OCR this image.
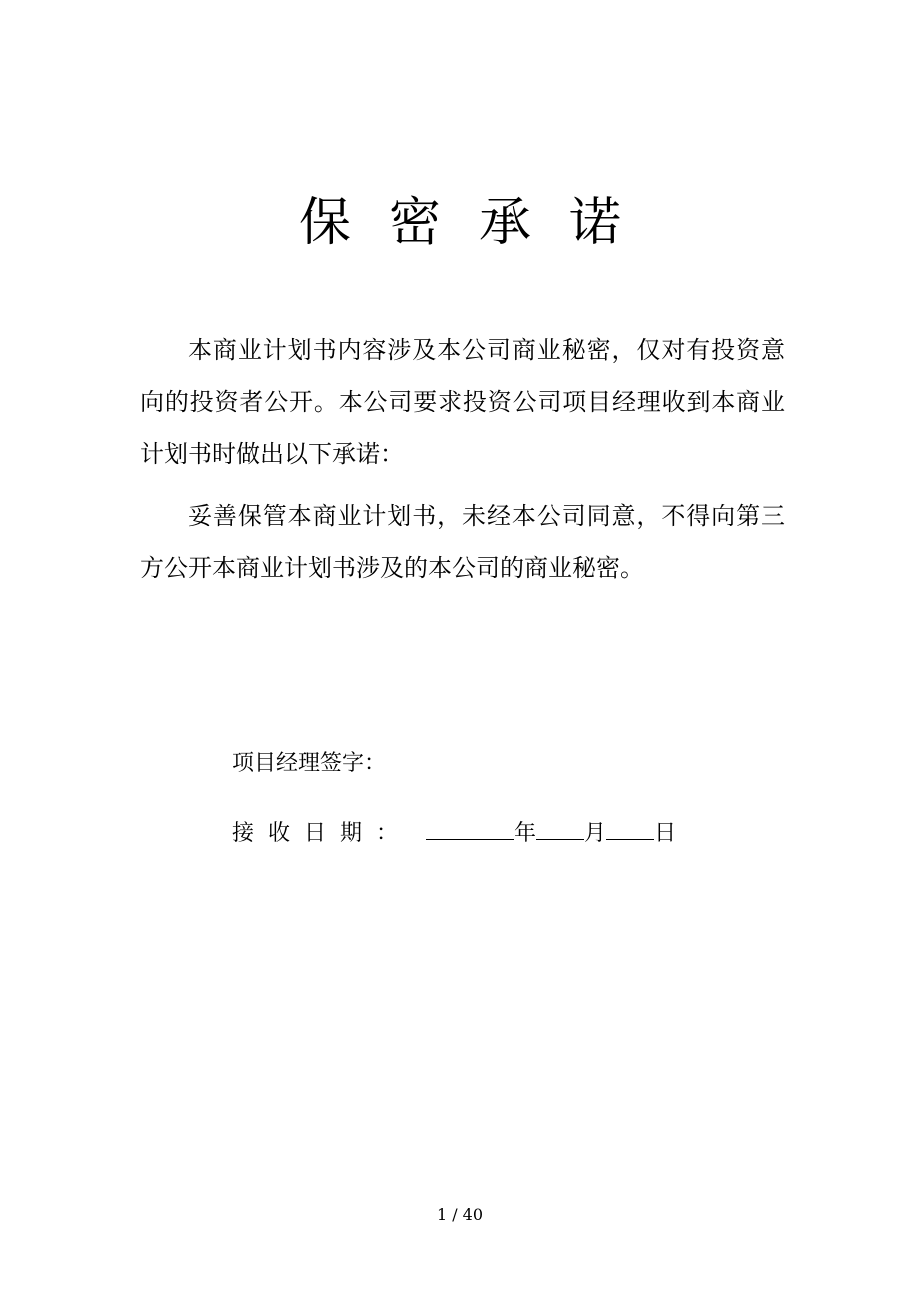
保密承诺

本商业计划书内容涉及本公司商业秘密，仅对有投资意向的投资者公开。本公司要求投资公司项目经理收到本商业计划书时做出以下承诺：

妥善保管本商业计划书，未经本公司同意，不得向第三方公开本商业计划书涉及的本公司的商业秘密。

项目经理签字：
接收日期：	年 月 日
1 / 40
